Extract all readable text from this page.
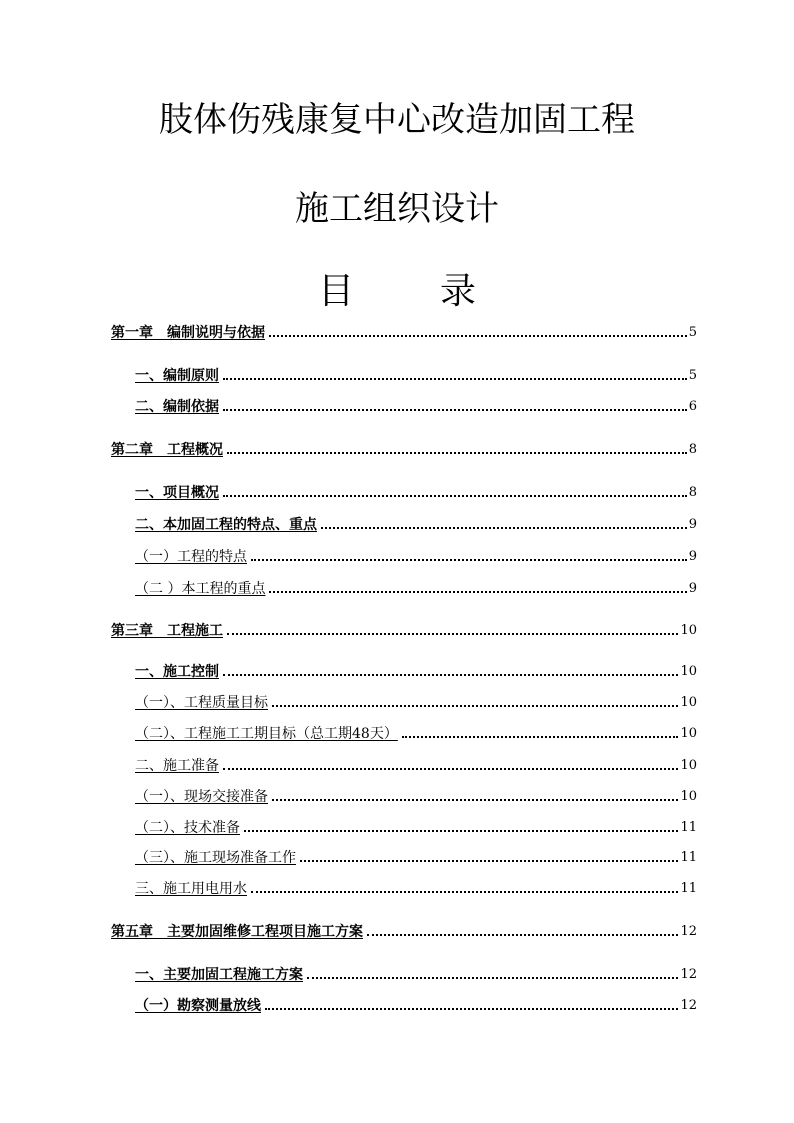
肢体伤残康复中心改造加固工程
施工组织设计
目 录
第一章　编制说明与依据	5
一、编制原则	5
二、编制依据	6
第二章　工程概况	8
一、项目概况	8
二、本加固工程的特点、重点	9
（一）工程的特点	9
（二 ）本工程的重点	9
第三章　工程施工	10
一、施工控制	10
（一）、工程质量目标	10
（二）、工程施工工期目标（总工期48天）	10
二、施工准备	10
（一）、现场交接准备	10
（二）、技术准备	11
（三）、施工现场准备工作	11
三、施工用电用水	11
第五章　主要加固维修工程项目施工方案	12
一、主要加固工程施工方案	12
（一）勘察测量放线	12
